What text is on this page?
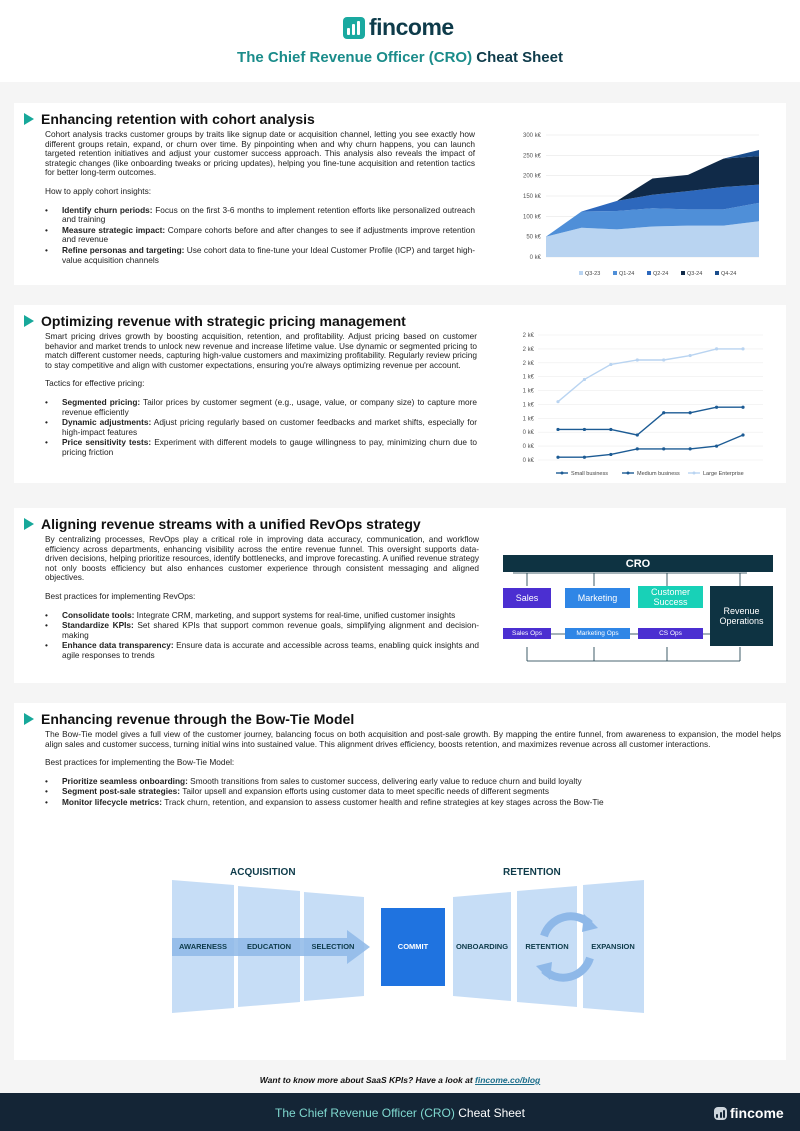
fincome
The Chief Revenue Officer (CRO) Cheat Sheet
Enhancing retention with cohort analysis

Cohort analysis tracks customer groups by traits like signup date or acquisition channel, letting you see exactly how different groups retain, expand, or churn over time. By pinpointing when and why churn happens, you can launch targeted retention initiatives and adjust your customer success approach. This analysis also reveals the impact of strategic changes (like onboarding tweaks or pricing updates), helping you fine-tune acquisition and retention tactics for better long-term outcomes.

How to apply cohort insights:

• Identify churn periods: Focus on the first 3-6 months to implement retention efforts like personalized outreach and training
• Measure strategic impact: Compare cohorts before and after changes to see if adjustments improve retention and revenue
• Refine personas and targeting: Use cohort data to fine-tune your Ideal Customer Profile (ICP) and target high-value acquisition channels
300 k€
250 k€
200 k€
150 k€
100 k€
50 k€
0 k€
Q3-23	Q1-24	Q2-24	Q3-24	Q4-24
Optimizing revenue with strategic pricing management

Smart pricing drives growth by boosting acquisition, retention, and profitability. Adjust pricing based on customer behavior and market trends to unlock new revenue and increase lifetime value. Use dynamic or segmented pricing to match different customer needs, capturing high-value customers and maximizing profitability. Regularly review pricing to stay competitive and align with customer expectations, ensuring you're always optimizing revenue per account.

Tactics for effective pricing:

• Segmented pricing: Tailor prices by customer segment (e.g., usage, value, or company size) to capture more revenue efficiently
• Dynamic adjustments: Adjust pricing regularly based on customer feedbacks and market shifts, especially for high-impact features
• Price sensitivity tests: Experiment with different models to gauge willingness to pay, minimizing churn due to pricing friction
2 k€
2 k€
2 k€
1 k€
1 k€
1 k€
1 k€
0 k€
0 k€
0 k€
Small business	Medium business	Large Enterprise
Aligning revenue streams with a unified RevOps strategy

By centralizing processes, RevOps play a critical role in improving data accuracy, communication, and workflow efficiency across departments, enhancing visibility across the entire revenue funnel. This oversight supports data-driven decisions, helping prioritize resources, identify bottlenecks, and improve forecasting. A unified revenue strategy not only boosts efficiency but also enhances customer experience through consistent messaging and aligned objectives.

Best practices for implementing RevOps:

• Consolidate tools: Integrate CRM, marketing, and support systems for real-time, unified customer insights
• Standardize KPIs: Set shared KPIs that support common revenue goals, simplifying alignment and decision-making
• Enhance data transparency: Ensure data is accurate and accessible across teams, enabling quick insights and agile responses to trends
CRO
Sales	Marketing
Customer Success
Revenue Operations
Sales Ops	Marketing Ops	CS Ops
Enhancing revenue through the Bow-Tie Model

The Bow-Tie model gives a full view of the customer journey, balancing focus on both acquisition and post-sale growth. By mapping the entire funnel, from awareness to expansion, the model helps align sales and customer success, turning initial wins into sustained value. This alignment drives efficiency, boosts retention, and maximizes revenue across all customer interactions.

Best practices for implementing the Bow-Tie Model:

• Prioritize seamless onboarding: Smooth transitions from sales to customer success, delivering early value to reduce churn and build loyalty
• Segment post-sale strategies: Tailor upsell and expansion efforts using customer data to meet specific needs of different segments
• Monitor lifecycle metrics: Track churn, retention, and expansion to assess customer health and refine strategies at key stages across the Bow-Tie
ACQUISITION	RETENTION
AWARENESS	EDUCATION	SELECTION	COMMIT	ONBOARDING	RETENTION	EXPANSION
Want to know more about SaaS KPIs? Have a look at fincome.co/blog
The Chief Revenue Officer (CRO) Cheat Sheet	fincome
